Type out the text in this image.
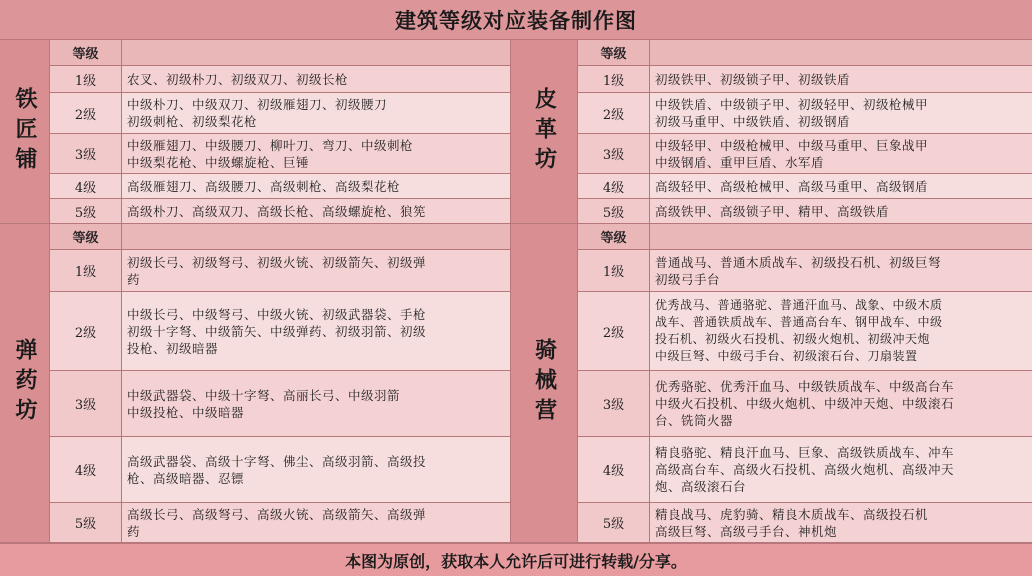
建筑等级对应装备制作图
铁匠铺
等级
1级	农叉、初级朴刀、初级双刀、初级长枪
2级
中级朴刀、中级双刀、初级雁翅刀、初级腰刀
初级刺枪、初级梨花枪
3级
中级雁翅刀、中级腰刀、柳叶刀、弯刀、中级刺枪
中级梨花枪、中级螺旋枪、巨锤
4级	高级雁翅刀、高级腰刀、高级刺枪、高级梨花枪
5级	高级朴刀、高级双刀、高级长枪、高级螺旋枪、狼筅
皮革坊
等级
1级	初级铁甲、初级锁子甲、初级铁盾
2级
中级铁盾、中级锁子甲、初级轻甲、初级枪械甲
初级马重甲、中级铁盾、初级钢盾
3级
中级轻甲、中级枪械甲、中级马重甲、巨象战甲
中级钢盾、重甲巨盾、水军盾
4级	高级轻甲、高级枪械甲、高级马重甲、高级钢盾
5级	高级铁甲、高级锁子甲、精甲、高级铁盾
弹药坊
等级
1级
初级长弓、初级弩弓、初级火铳、初级箭矢、初级弹
药
2级
中级长弓、中级弩弓、中级火铳、初级武器袋、手枪
初级十字弩、中级箭矢、中级弹药、初级羽箭、初级
投枪、初级暗器
3级
中级武器袋、中级十字弩、高丽长弓、中级羽箭
中级投枪、中级暗器
4级
高级武器袋、高级十字弩、佛尘、高级羽箭、高级投
枪、高级暗器、忍镖
5级
高级长弓、高级弩弓、高级火铳、高级箭矢、高级弹
药
骑械营
等级
1级
普通战马、普通木质战车、初级投石机、初级巨弩
初级弓手台
2级
优秀战马、普通骆驼、普通汗血马、战象、中级木质
战车、普通铁质战车、普通高台车、钢甲战车、中级
投石机、初级火石投机、初级火炮机、初级冲天炮
中级巨弩、中级弓手台、初级滚石台、刀扇装置
3级
优秀骆驼、优秀汗血马、中级铁质战车、中级高台车
中级火石投机、中级火炮机、中级冲天炮、中级滚石
台、铣筒火器
4级
精良骆驼、精良汗血马、巨象、高级铁质战车、冲车
高级高台车、高级火石投机、高级火炮机、高级冲天
炮、高级滚石台
5级
精良战马、虎豹骑、精良木质战车、高级投石机
高级巨弩、高级弓手台、神机炮
本图为原创，获取本人允许后可进行转载/分享。
